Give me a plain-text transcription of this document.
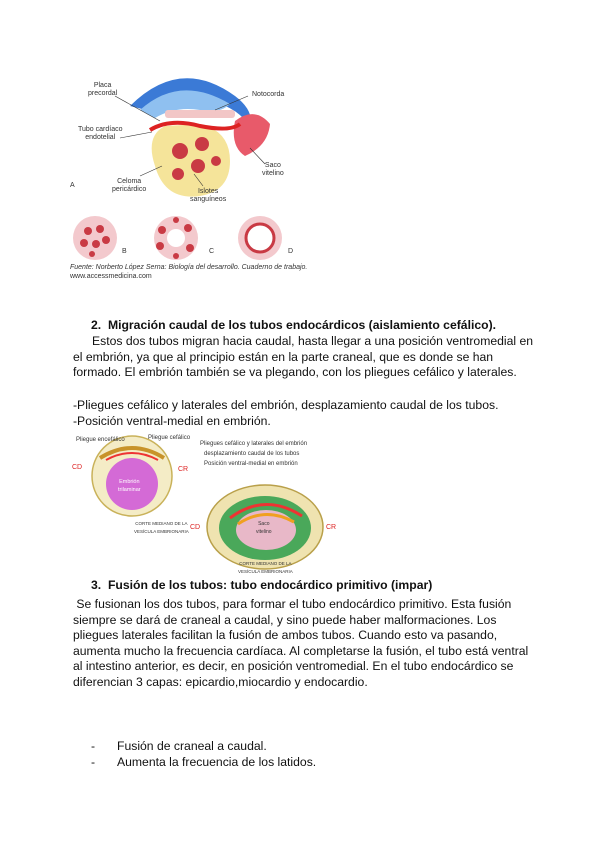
Placa
precordal	Notocorda
Tubo cardíaco
endotelial
Saco
vitelino
Celoma
pericárdico	Islotes
sanguíneos
A
B	C	D
Fuente: Norberto López Serna: Biología del desarrollo. Cuaderno de trabajo.
www.accessmedicina.com
2. Migración caudal de los tubos endocárdicos (aislamiento cefálico).
Estos dos tubos migran hacia caudal, hasta llegar a una posición ventromedial en
el embrión, ya que al principio están en la parte craneal, que es donde se han
formado. El embrión también se va plegando, con los pliegues cefálico y laterales.
-Pliegues cefálico y laterales del embrión, desplazamiento caudal de los tubos.
-Posición ventral-medial en embrión.
Pliegue encefálico	Pliegue cefálico
CD	CR
Embrión
trilaminar
CORTE MEDIANO DE LA
VESÍCULA EMBRIONARIA
CD	CR
Saco
vitelino
CORTE MEDIANO DE LA
VESÍCULA EMBRIONARIA
Pliegues cefálico y laterales del embrión
desplazamiento caudal de los tubos
Posición ventral-medial en embrión
3. Fusión de los tubos: tubo endocárdico primitivo (impar)
Se fusionan los dos tubos, para formar el tubo endocárdico primitivo. Esta fusión
siempre se dará de craneal a caudal, y sino puede haber malformaciones. Los
pliegues laterales facilitan la fusión de ambos tubos. Cuando esto va pasando,
aumenta mucho la frecuencia cardíaca. Al completarse la fusión, el tubo está ventral
al intestino anterior, es decir, en posición ventromedial. En el tubo endocárdico se
diferencian 3 capas: epicardio,miocardio y endocardio.
- Fusión de craneal a caudal.
- Aumenta la frecuencia de los latidos.
